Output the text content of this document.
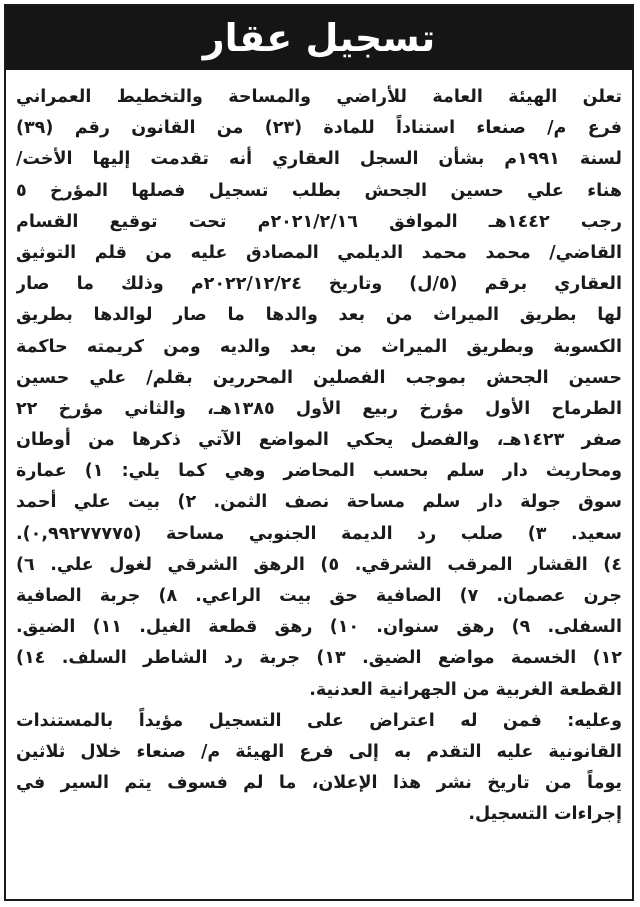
تسجيل عقار
تعلن الهيئة العامة للأراضي والمساحة والتخطيط العمراني
فرع م/ صنعاء استناداً للمادة (٢٣) من القانون رقم (٣٩)
لسنة ١٩٩١م بشأن السجل العقاري أنه تقدمت إليها الأخت/
هناء علي حسين الجحش بطلب تسجيل فصلها المؤرخ ٥
رجب ١٤٤٢هـ الموافق ٢٠٢١/٢/١٦م تحت توقيع القسام
القاضي/ محمد محمد الديلمي المصادق عليه من قلم التوثيق
العقاري برقم (٥/ل) وتاريخ ٢٠٢٢/١٢/٢٤م وذلك ما صار
لها بطريق الميراث من بعد والدها ما صار لوالدها بطريق
الكسوبة وبطريق الميراث من بعد والديه ومن كريمته حاكمة
حسين الجحش بموجب الفصلين المحررين بقلم/ علي حسين
الطرماح الأول مؤرخ ربيع الأول ١٣٨٥هـ، والثاني مؤرخ ٢٢
صفر ١٤٢٣هـ، والفصل يحكي المواضع الآتي ذكرها من أوطان
ومحاريث دار سلم بحسب المحاضر وهي كما يلي: ١) عمارة
سوق جولة دار سلم مساحة نصف الثمن. ٢) بيت علي أحمد
سعيد. ٣) صلب رد الديمة الجنوبي مساحة (٠,٩٩٢٧٧٧٧٥).
٤) القشار المرقب الشرقي. ٥) الرهق الشرقي لغول علي. ٦)
جرن عصمان. ٧) الصافية حق بيت الراعي. ٨) جربة الصافية
السفلى. ٩) رهق سنوان. ١٠) رهق قطعة الغيل. ١١) الضيق.
١٢) الخسمة مواضع الضيق. ١٣) جربة رد الشاطر السلف. ١٤)
القطعة الغربية من الجهرانية العدنية.
وعليه: فمن له اعتراض على التسجيل مؤيداً بالمستندات
القانونية عليه التقدم به إلى فرع الهيئة م/ صنعاء خلال ثلاثين
يوماً من تاريخ نشر هذا الإعلان، ما لم فسوف يتم السير في
إجراءات التسجيل.
